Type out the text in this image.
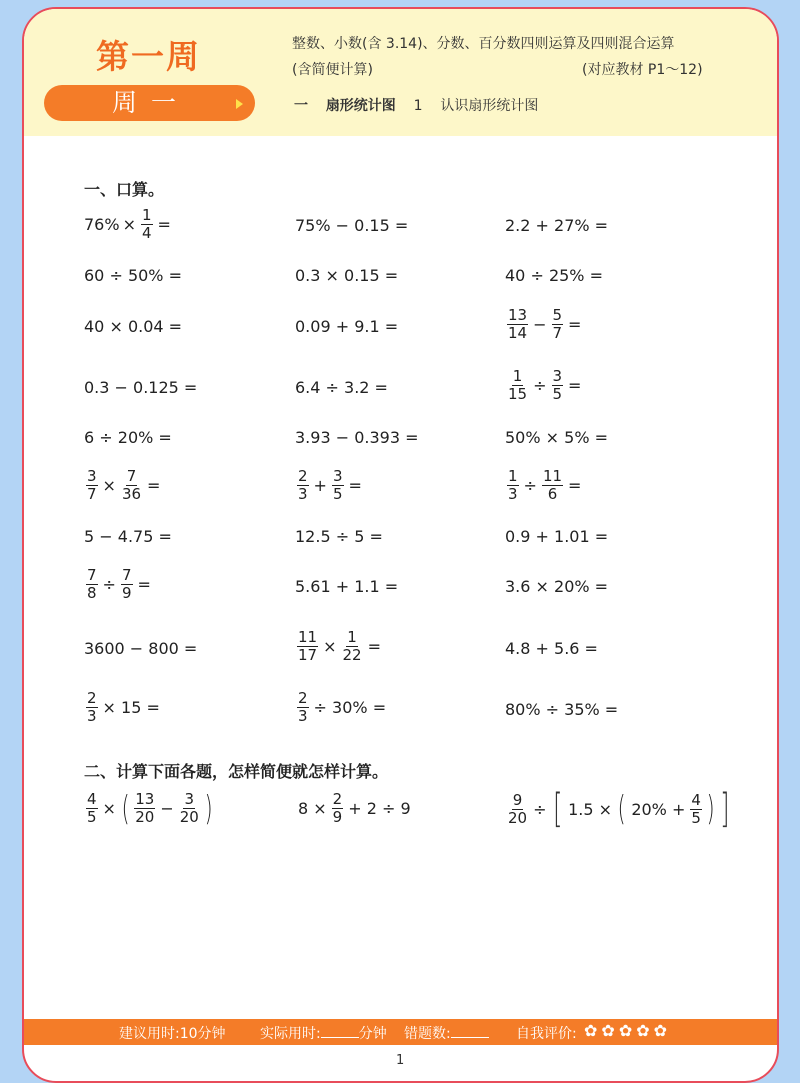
第一周
周一
整数、小数(含 3.14)、分数、百分数四则运算及四则混合运算
(含简便计算)	(对应教材 P1～12)
一 扇形统计图 1 认识扇形统计图
一、口算。
$76\% \times \frac{1}{4}$ =	75% − 0.15 =	2.2 + 27% =
60 ÷ 50% =	0.3 × 0.15 =	40 ÷ 25% =
40 × 0.04 =	0.09 + 9.1 =	$\frac{13}{14} - \frac{5}{7}$ =
0.3 − 0.125 =	6.4 ÷ 3.2 =	$\frac{1}{15} \div \frac{3}{5}$ =
6 ÷ 20% =	3.93 − 0.393 =	50% × 5% =
$\frac{3}{7} \times \frac{7}{36}$ =	$\frac{2}{3} + \frac{3}{5}$ =	$\frac{1}{3} \div \frac{11}{6}$ =
5 − 4.75 =	12.5 ÷ 5 =	0.9 + 1.01 =
$\frac{7}{8} \div \frac{7}{9}$ =	5.61 + 1.1 =	3.6 × 20% =
3600 − 800 =	$\frac{11}{17} \times \frac{1}{22}$ =	4.8 + 5.6 =
$\frac{2}{3} \times 15$ =	$\frac{2}{3} \div 30\%$ =	80% ÷ 35% =
二、计算下面各题，怎样简便就怎样计算。
$\frac{4}{5}$ × ( $\frac{13}{20} - \frac{3}{20}$ )	$8 \times \frac{2}{9} + 2 \div 9$	$\frac{9}{20}$ ÷ [ 1.5 × ( $20\% + \frac{4}{5}$ ) ]
建议用时:10分钟 实际用时:	分钟 错题数:	自我评价: ✿ ✿ ✿ ✿ ✿
1
